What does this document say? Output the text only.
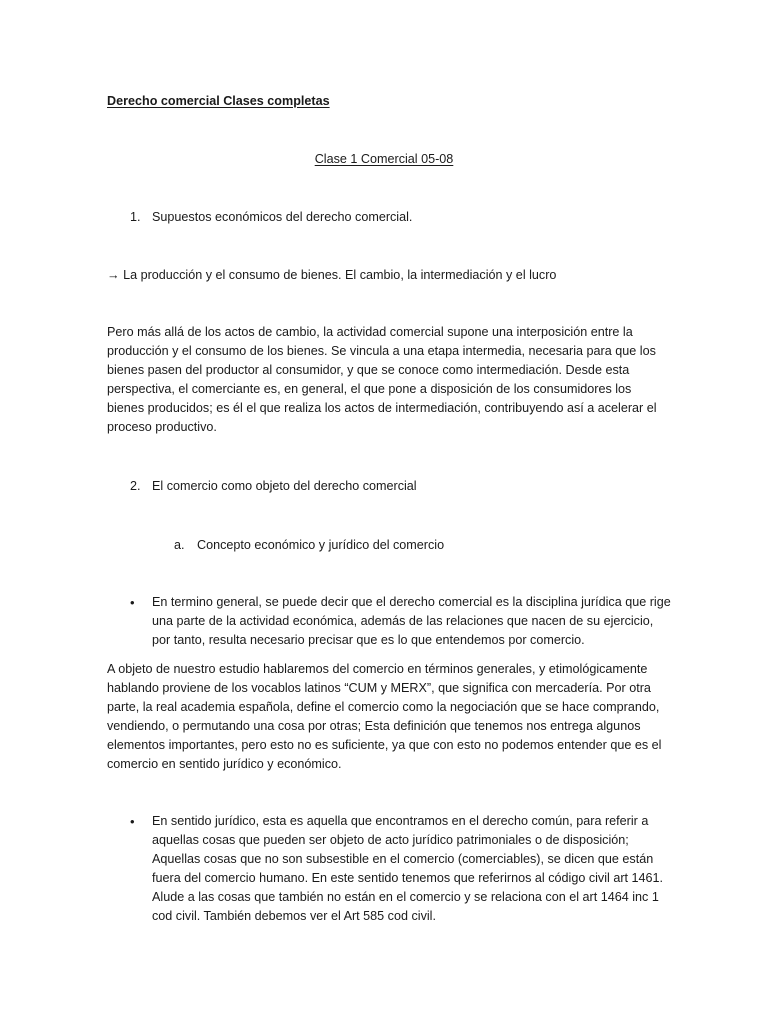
Derecho comercial Clases completas
Clase 1 Comercial 05-08
1. Supuestos económicos del derecho comercial.
→ La producción y el consumo de bienes. El cambio, la intermediación y el lucro
Pero más allá de los actos de cambio, la actividad comercial supone una interposición entre la producción y el consumo de los bienes. Se vincula a una etapa intermedia, necesaria para que los bienes pasen del productor al consumidor, y que se conoce como intermediación. Desde esta perspectiva, el comerciante es, en general, el que pone a disposición de los consumidores los bienes producidos; es él el que realiza los actos de intermediación, contribuyendo así a acelerar el proceso productivo.
2. El comercio como objeto del derecho comercial
a. Concepto económico y jurídico del comercio
• En termino general, se puede decir que el derecho comercial es la disciplina jurídica que rige una parte de la actividad económica, además de las relaciones que nacen de su ejercicio, por tanto, resulta necesario precisar que es lo que entendemos por comercio.
A objeto de nuestro estudio hablaremos del comercio en términos generales, y etimológicamente hablando proviene de los vocablos latinos “CUM y MERX”, que significa con mercadería. Por otra parte, la real academia española, define el comercio como la negociación que se hace comprando, vendiendo, o permutando una cosa por otras; Esta definición que tenemos nos entrega algunos elementos importantes, pero esto no es suficiente, ya que con esto no podemos entender que es el comercio en sentido jurídico y económico.
• En sentido jurídico, esta es aquella que encontramos en el derecho común, para referir a aquellas cosas que pueden ser objeto de acto jurídico patrimoniales o de disposición; Aquellas cosas que no son subsestible en el comercio (comerciables), se dicen que están fuera del comercio humano. En este sentido tenemos que referirnos al código civil art 1461. Alude a las cosas que también no están en el comercio y se relaciona con el art 1464 inc 1 cod civil. También debemos ver el Art 585 cod civil.
